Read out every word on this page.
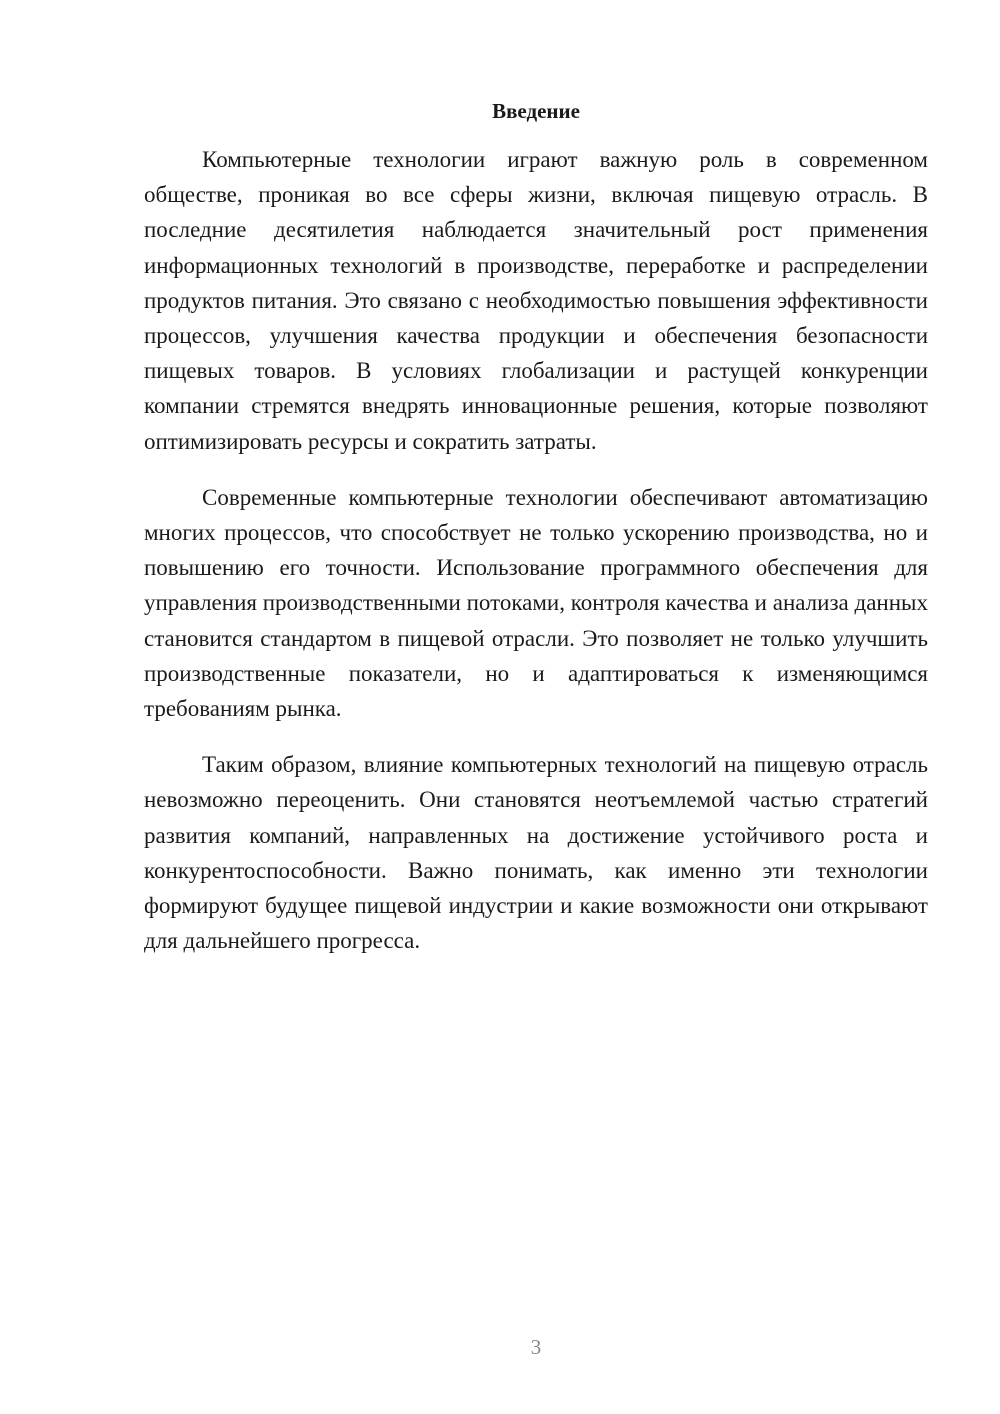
Введение

Компьютерные технологии играют важную роль в современном обществе, проникая во все сферы жизни, включая пищевую отрасль. В последние десятилетия наблюдается значительный рост применения информационных технологий в производстве, переработке и распределении продуктов питания. Это связано с необходимостью повышения эффективности процессов, улучшения качества продукции и обеспечения безопасности пищевых товаров. В условиях глобализации и растущей конкуренции компании стремятся внедрять инновационные решения, которые позволяют оптимизировать ресурсы и сократить затраты.

Современные компьютерные технологии обеспечивают автоматизацию многих процессов, что способствует не только ускорению производства, но и повышению его точности. Использование программного обеспечения для управления производственными потоками, контроля качества и анализа данных становится стандартом в пищевой отрасли. Это позволяет не только улучшить производственные показатели, но и адаптироваться к изменяющимся требованиям рынка.

Таким образом, влияние компьютерных технологий на пищевую отрасль невозможно переоценить. Они становятся неотъемлемой частью стратегий развития компаний, направленных на достижение устойчивого роста и конкурентоспособности. Важно понимать, как именно эти технологии формируют будущее пищевой индустрии и какие возможности они открывают для дальнейшего прогресса.

3
